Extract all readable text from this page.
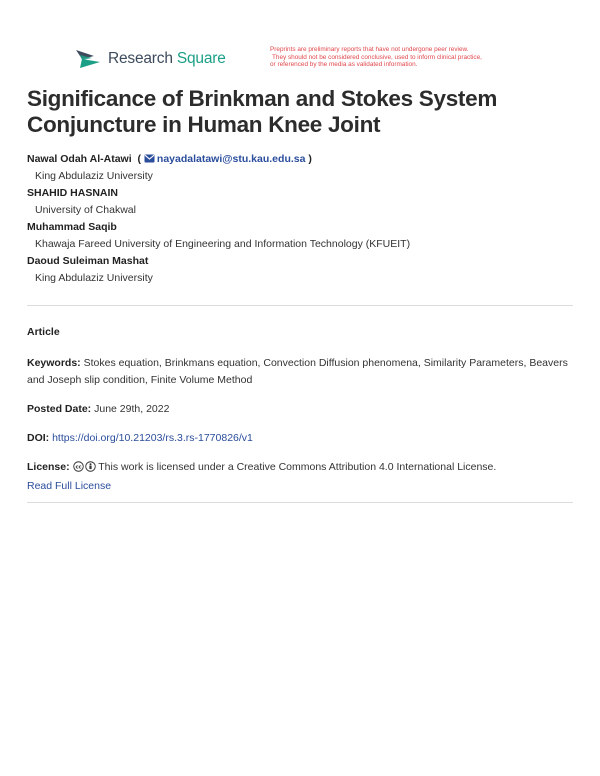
Research Square
Preprints are preliminary reports that have not undergone peer review.
They should not be considered conclusive, used to inform clinical practice,
or referenced by the media as validated information.
Significance of Brinkman and Stokes System
Conjuncture in Human Knee Joint
Nawal Odah Al-Atawi ( nayadalatawi@stu.kau.edu.sa )
King Abdulaziz University
SHAHID HASNAIN
University of Chakwal
Muhammad Saqib
Khawaja Fareed University of Engineering and Information Technology (KFUEIT)
Daoud Suleiman Mashat
King Abdulaziz University
Article
Keywords: Stokes equation, Brinkmans equation, Convection Diffusion phenomena, Similarity Parameters, Beavers and Joseph slip condition, Finite Volume Method
Posted Date: June 29th, 2022
DOI: https://doi.org/10.21203/rs.3.rs-1770826/v1
License: cc This work is licensed under a Creative Commons Attribution 4.0 International License.
Read Full License
